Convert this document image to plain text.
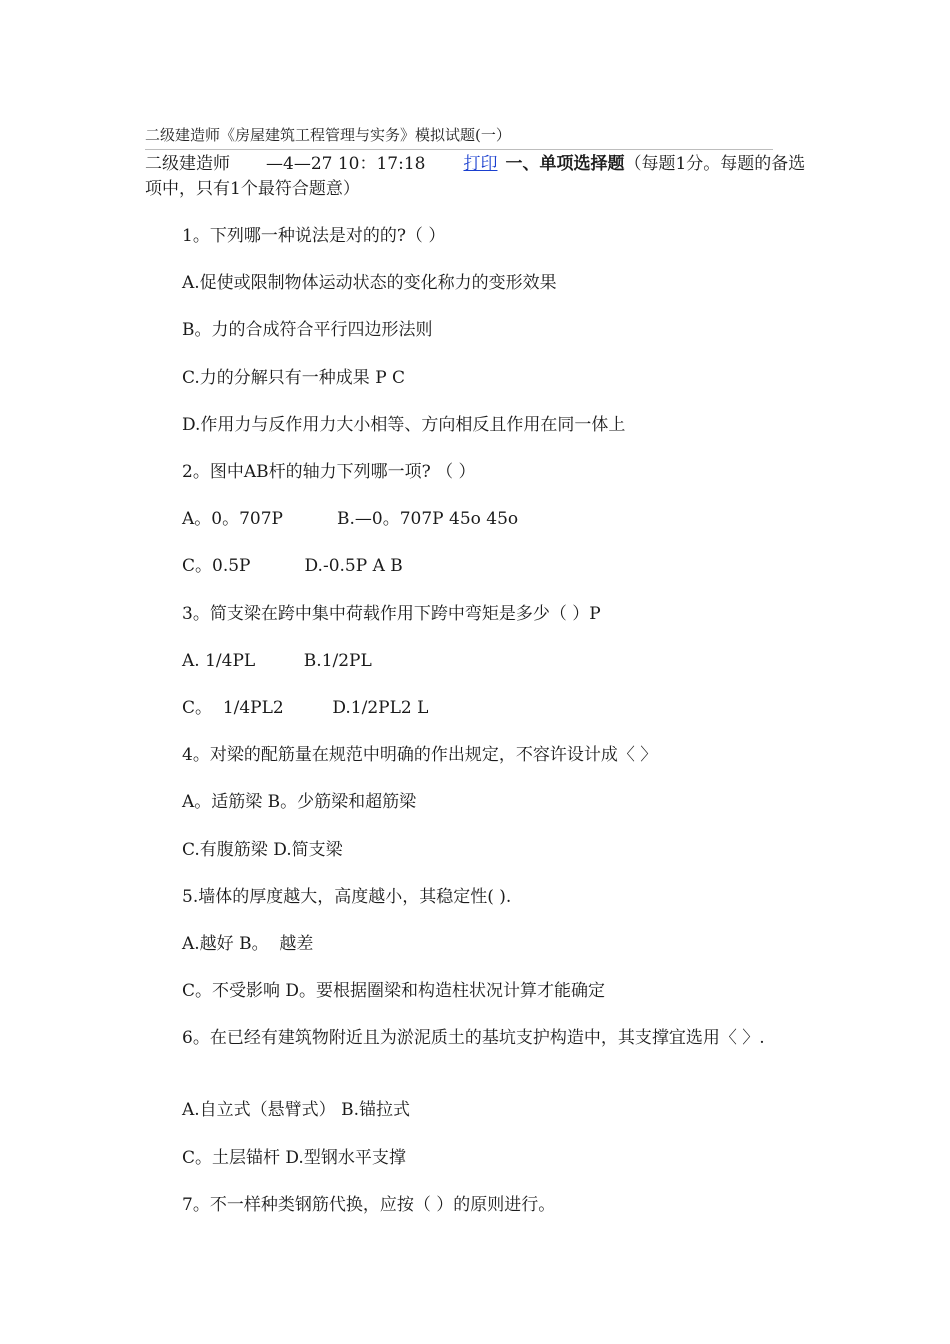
二级建造师《房屋建筑工程管理与实务》模拟试题(一）
二级建造师 —4—27 10：17:18 打印 一、单项选择题（每题1分。每题的备选项中，只有1个最符合题意）
1。下列哪一种说法是对的的?（ ）
A.促使或限制物体运动状态的变化称力的变形效果
B。力的合成符合平行四边形法则
C.力的分解只有一种成果 P C
D.作用力与反作用力大小相等、方向相反且作用在同一体上
2。图中AB杆的轴力下列哪一项? （ ）
A。0。707P          B.—0。707P 45o 45o
C。0.5P          D.-0.5P A B
3。简支梁在跨中集中荷载作用下跨中弯矩是多少（ ）P
A. 1/4PL         B.1/2PL
C。  1/4PL2         D.1/2PL2 L
4。对梁的配筋量在规范中明确的作出规定，不容许设计成〈 〉
A。适筋梁 B。少筋梁和超筋梁
C.有腹筋梁 D.简支梁
5.墙体的厚度越大，高度越小，其稳定性( ).
A.越好 B。  越差
C。不受影响 D。要根据圈梁和构造柱状况计算才能确定
6。在已经有建筑物附近且为淤泥质土的基坑支护构造中，其支撑宜选用〈 〉.
A.自立式（悬臂式） B.锚拉式
C。土层锚杆 D.型钢水平支撑
7。不一样种类钢筋代换，应按（ ）的原则进行。
